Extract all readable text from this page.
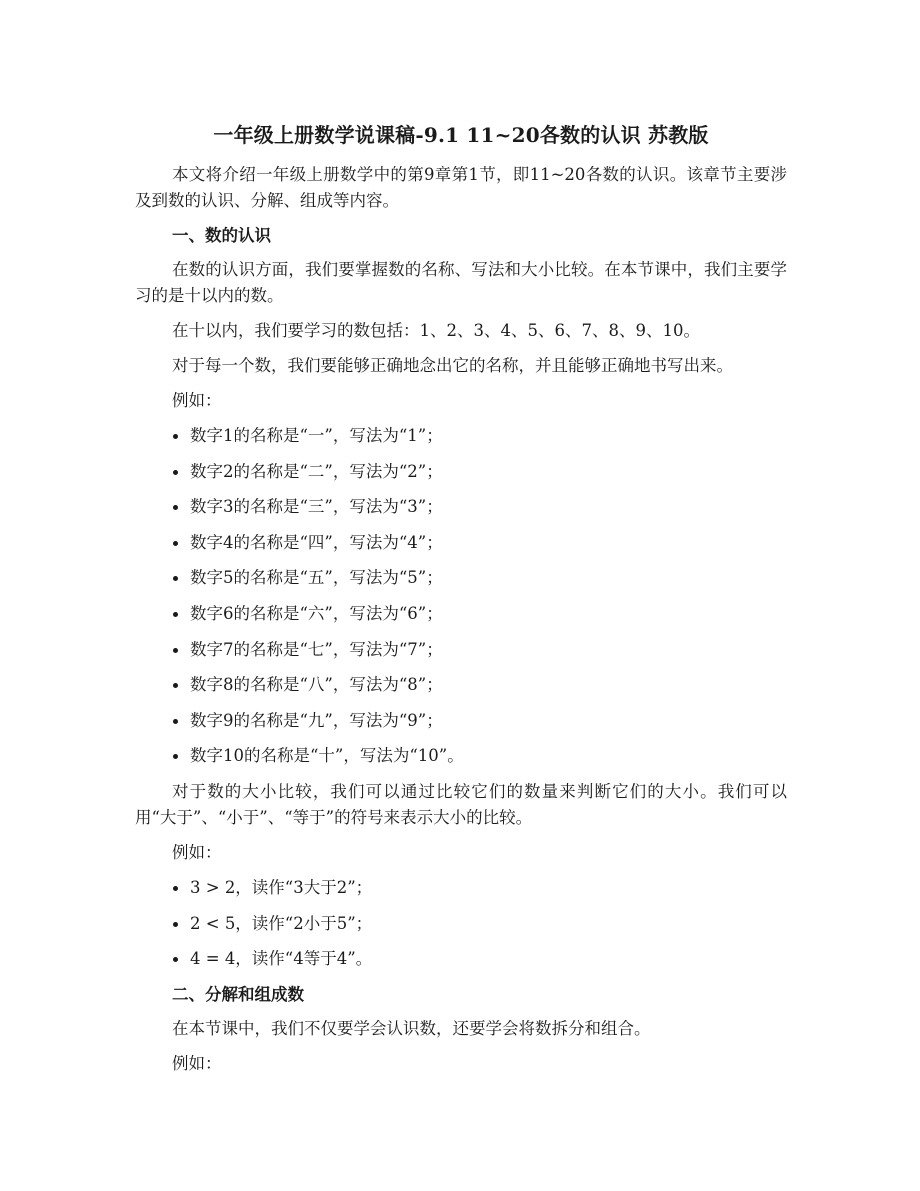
一年级上册数学说课稿-9.1 11~20各数的认识 苏教版

本文将介绍一年级上册数学中的第9章第1节，即11~20各数的认识。该章节主要涉及到数的认识、分解、组成等内容。

一、数的认识

在数的认识方面，我们要掌握数的名称、写法和大小比较。在本节课中，我们主要学习的是十以内的数。

在十以内，我们要学习的数包括：1、2、3、4、5、6、7、8、9、10。

对于每一个数，我们要能够正确地念出它的名称，并且能够正确地书写出来。

例如：

数字1的名称是“一”，写法为“1”；
数字2的名称是“二”，写法为“2”；
数字3的名称是“三”，写法为“3”；
数字4的名称是“四”，写法为“4”；
数字5的名称是“五”，写法为“5”；
数字6的名称是“六”，写法为“6”；
数字7的名称是“七”，写法为“7”；
数字8的名称是“八”，写法为“8”；
数字9的名称是“九”，写法为“9”；
数字10的名称是“十”，写法为“10”。

对于数的大小比较，我们可以通过比较它们的数量来判断它们的大小。我们可以用“大于”、“小于”、“等于”的符号来表示大小的比较。

例如：

3 > 2，读作“3大于2”；
2 < 5，读作“2小于5”；
4 = 4，读作“4等于4”。
二、分解和组成数

在本节课中，我们不仅要学会认识数，还要学会将数拆分和组合。

例如：
